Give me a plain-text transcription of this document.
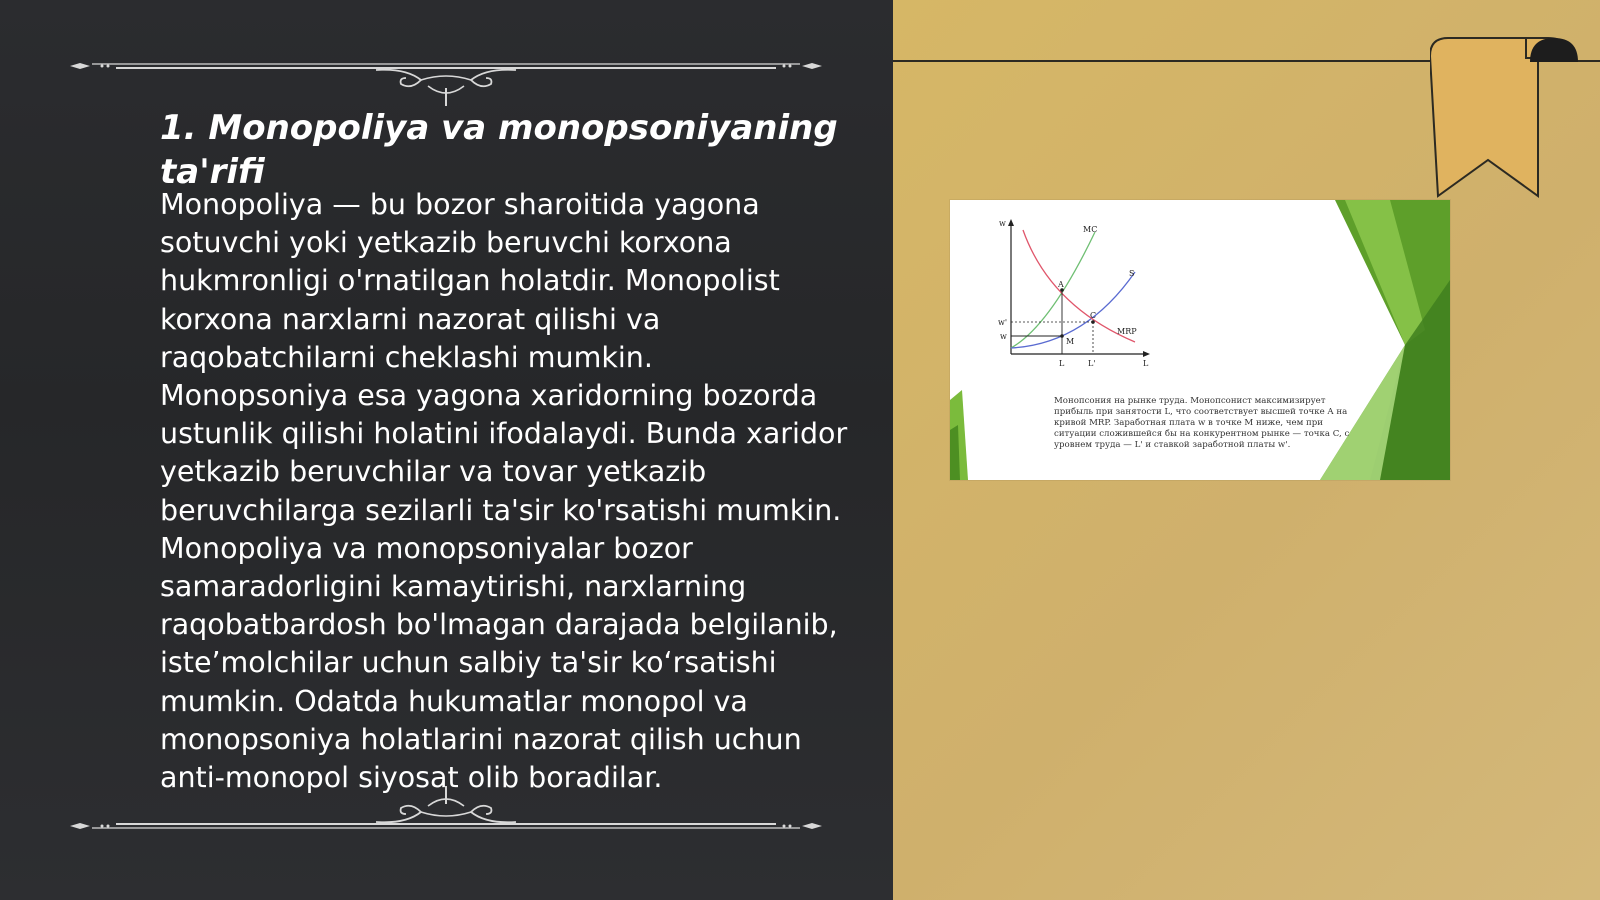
1. Monopoliya va monopsoniyaning ta'rifi

Monopoliya — bu bozor sharoitida yagona sotuvchi yoki yetkazib beruvchi korxona hukmronligi o'rnatilgan holatdir. Monopolist korxona narxlarni nazorat qilishi va raqobatchilarni cheklashi mumkin. Monopsoniya esa yagona xaridorning bozorda ustunlik qilishi holatini ifodalaydi. Bunda xaridor yetkazib beruvchilar va tovar yetkazib beruvchilarga sezilarli ta'sir ko'rsatishi mumkin. Monopoliya va monopsoniyalar bozor samaradorligini kamaytirishi, narxlarning raqobatbardosh bo'lmagan darajada belgilanib, iste’molchilar uchun salbiy ta'sir ko‘rsatishi mumkin. Odatda hukumatlar monopol va monopsoniya holatlarini nazorat qilish uchun anti-monopol siyosat olib boradilar.

w
MC
S
MRP
A
C
M
w'
w
L	L'	L

Монопсония на рынке труда. Монопсонист максимизирует прибыль при занятости L, что соответствует высшей точке A на кривой MRP. Заработная плата w в точке M ниже, чем при ситуации сложившейся бы на конкурентном рынке — точка C, с уровнем труда — L' и ставкой заработной платы w'.
